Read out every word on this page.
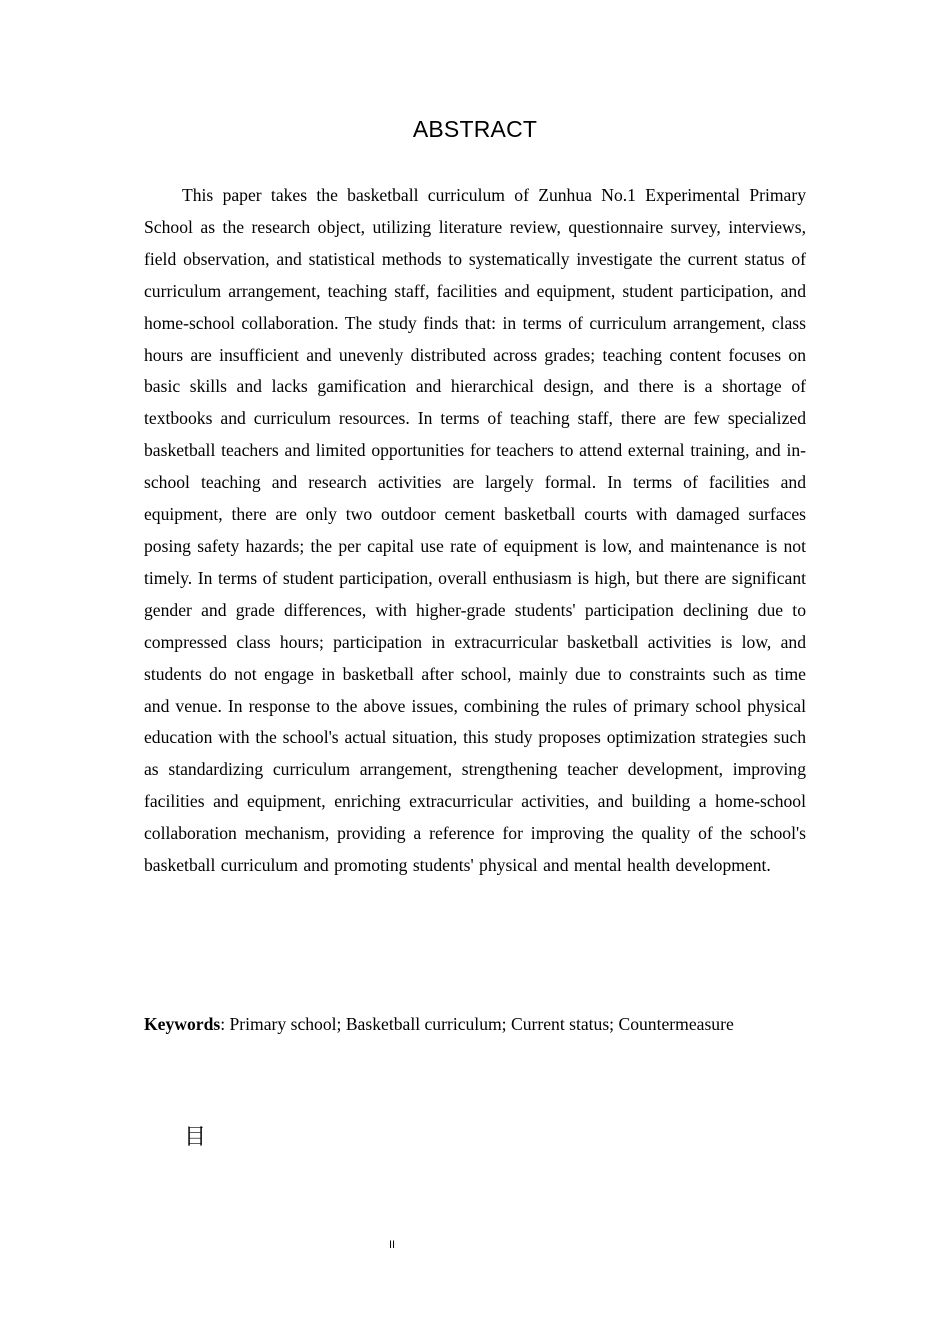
ABSTRACT

This paper takes the basketball curriculum of Zunhua No.1 Experimental Primary School as the research object, utilizing literature review, questionnaire survey, interviews, field observation, and statistical methods to systematically investigate the current status of curriculum arrangement, teaching staff, facilities and equipment, student participation, and home-school collaboration. The study finds that: in terms of curriculum arrangement, class hours are insufficient and unevenly distributed across grades; teaching content focuses on basic skills and lacks gamification and hierarchical design, and there is a shortage of textbooks and curriculum resources. In terms of teaching staff, there are few specialized basketball teachers and limited opportunities for teachers to attend external training, and in-school teaching and research activities are largely formal. In terms of facilities and equipment, there are only two outdoor cement basketball courts with damaged surfaces posing safety hazards; the per capital use rate of equipment is low, and maintenance is not timely. In terms of student participation, overall enthusiasm is high, but there are significant gender and grade differences, with higher-grade students' participation declining due to compressed class hours; participation in extracurricular basketball activities is low, and students do not engage in basketball after school, mainly due to constraints such as time and venue. In response to the above issues, combining the rules of primary school physical education with the school's actual situation, this study proposes optimization strategies such as standardizing curriculum arrangement, strengthening teacher development, improving facilities and equipment, enriching extracurricular activities, and building a home-school collaboration mechanism, providing a reference for improving the quality of the school's basketball curriculum and promoting students' physical and mental health development.

Keywords: Primary school; Basketball curriculum; Current status; Countermeasure

目
II
